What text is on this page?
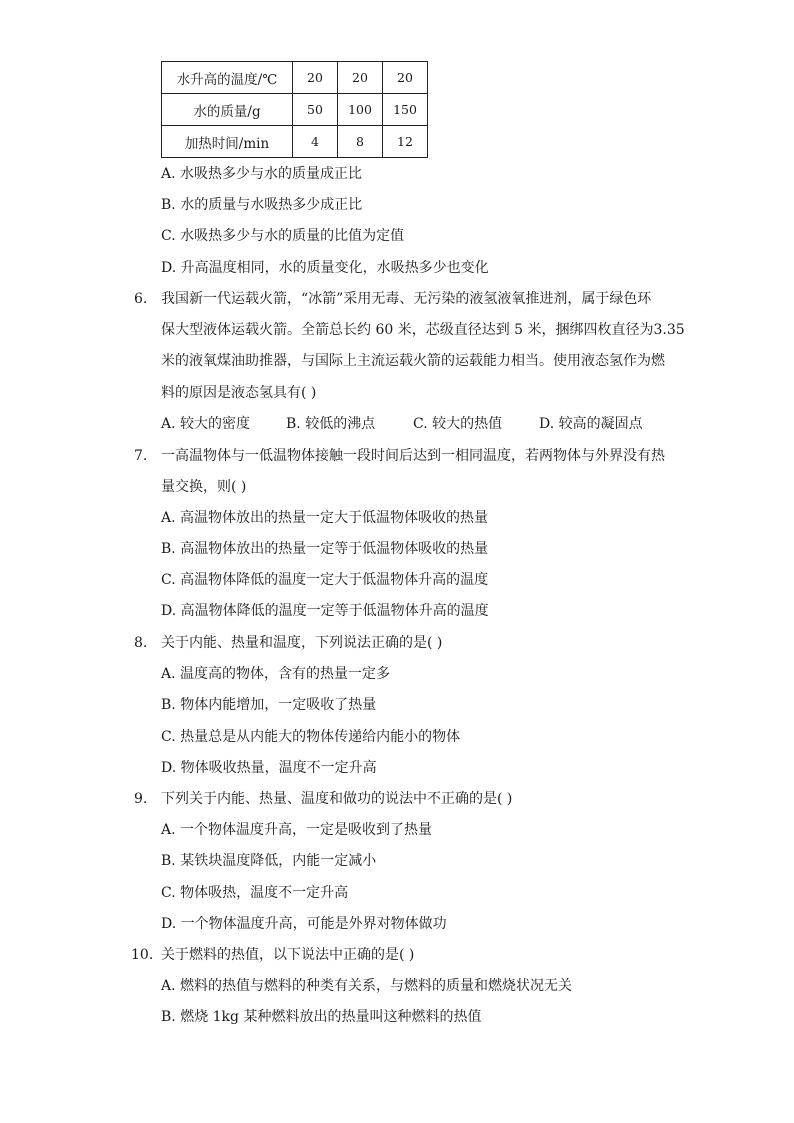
水升高的温度/℃	20	20	20
水的质量/g	50	100	150
加热时间/min	4	8	12
A. 水吸热多少与水的质量成正比
B. 水的质量与水吸热多少成正比
C. 水吸热多少与水的质量的比值为定值
D. 升高温度相同，水的质量变化，水吸热多少也变化
6. 我国新一代运载火箭，“冰箭”采用无毒、无污染的液氢液氧推进剂，属于绿色环
保大型液体运载火箭。全箭总长约 60 米，芯级直径达到 5 米，捆绑四枚直径为3.35
米的液氧煤油助推器，与国际上主流运载火箭的运载能力相当。使用液态氢作为燃
料的原因是液态氢具有( )
A. 较大的密度	B. 较低的沸点	C. 较大的热值	D. 较高的凝固点
7. 一高温物体与一低温物体接触一段时间后达到一相同温度，若两物体与外界没有热
量交换，则( )
A. 高温物体放出的热量一定大于低温物体吸收的热量
B. 高温物体放出的热量一定等于低温物体吸收的热量
C. 高温物体降低的温度一定大于低温物体升高的温度
D. 高温物体降低的温度一定等于低温物体升高的温度
8. 关于内能、热量和温度，下列说法正确的是( )
A. 温度高的物体，含有的热量一定多
B. 物体内能增加，一定吸收了热量
C. 热量总是从内能大的物体传递给内能小的物体
D. 物体吸收热量，温度不一定升高
9. 下列关于内能、热量、温度和做功的说法中不正确的是( )
A. 一个物体温度升高，一定是吸收到了热量
B. 某铁块温度降低，内能一定减小
C. 物体吸热，温度不一定升高
D. 一个物体温度升高，可能是外界对物体做功
10. 关于燃料的热值，以下说法中正确的是( )
A. 燃料的热值与燃料的种类有关系，与燃料的质量和燃烧状况无关
B. 燃烧 1kg 某种燃料放出的热量叫这种燃料的热值
